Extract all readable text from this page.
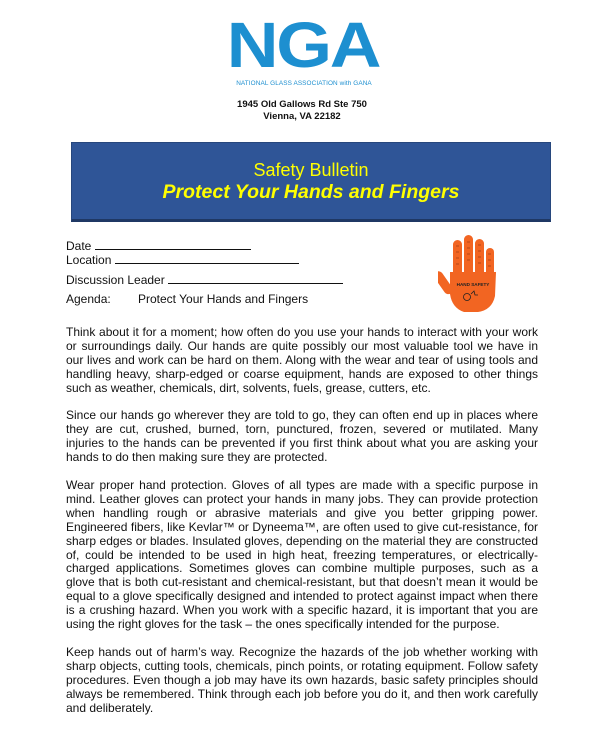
NGA
NATIONAL GLASS ASSOCIATION with GANA
1945 Old Gallows Rd Ste 750
Vienna, VA 22182
Safety Bulletin
Protect Your Hands and Fingers
Date
Location
Discussion Leader
Agenda: Protect Your Hands and Fingers
HAND SAFETY

Think about it for a moment; how often do you use your hands to interact with your work or surroundings daily. Our hands are quite possibly our most valuable tool we have in our lives and work can be hard on them. Along with the wear and tear of using tools and handling heavy, sharp-edged or coarse equipment, hands are exposed to other things such as weather, chemicals, dirt, solvents, fuels, grease, cutters, etc.

Since our hands go wherever they are told to go, they can often end up in places where they are cut, crushed, burned, torn, punctured, frozen, severed or mutilated. Many injuries to the hands can be prevented if you first think about what you are asking your hands to do then making sure they are protected.

Wear proper hand protection. Gloves of all types are made with a specific purpose in mind. Leather gloves can protect your hands in many jobs. They can provide protection when handling rough or abrasive materials and give you better gripping power. Engineered fibers, like Kevlar™ or Dyneema™, are often used to give cut-resistance, for sharp edges or blades. Insulated gloves, depending on the material they are constructed of, could be intended to be used in high heat, freezing temperatures, or electrically-charged applications. Sometimes gloves can combine multiple purposes, such as a glove that is both cut-resistant and chemical-resistant, but that doesn’t mean it would be equal to a glove specifically designed and intended to protect against impact when there is a crushing hazard. When you work with a specific hazard, it is important that you are using the right gloves for the task – the ones specifically intended for the purpose.

Keep hands out of harm’s way. Recognize the hazards of the job whether working with sharp objects, cutting tools, chemicals, pinch points, or rotating equipment. Follow safety procedures. Even though a job may have its own hazards, basic safety principles should always be remembered. Think through each job before you do it, and then work carefully and deliberately.
